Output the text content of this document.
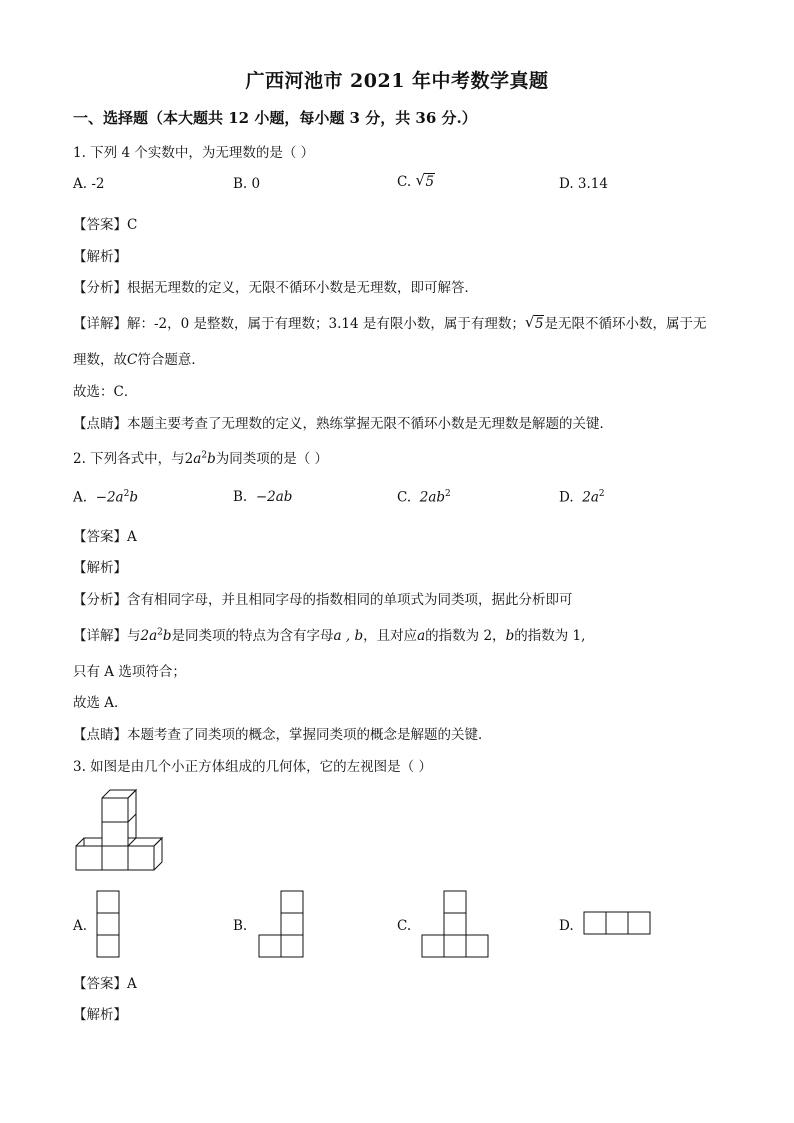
广西河池市 2021 年中考数学真题
一、选择题（本大题共 12 小题，每小题 3 分，共 36 分.）
1. 下列 4 个实数中，为无理数的是（ ）
A. -2	B. 0	C. √ 5	D. 3.14
【答案】C
【解析】
【分析】根据无理数的定义，无限不循环小数是无理数，即可解答．
【详解】解：-2，0 是整数，属于有理数；3.14 是有限小数，属于有理数； √ 5是无限不循环小数，属于无
理数，故C符合题意．
故选：C．
【点睛】本题主要考查了无理数的定义，熟练掌握无限不循环小数是无理数是解题的关键．
2. 下列各式中，与$2a^2b$为同类项的是（ ）
A. $-2a^2b$	B. −2ab	C. $2ab^2$	D. $2a^2$
【答案】A
【解析】
【分析】含有相同字母，并且相同字母的指数相同的单项式为同类项，据此分析即可
【详解】与$2a^2b$是同类项的特点为含有字母a , b，且对应a的指数为 2，b的指数为 1,
只有 A 选项符合；
故选 A．
【点睛】本题考查了同类项的概念，掌握同类项的概念是解题的关键．
3. 如图是由几个小正方体组成的几何体，它的左视图是（ ）
A.	B.	C.	D.
【答案】A
【解析】
